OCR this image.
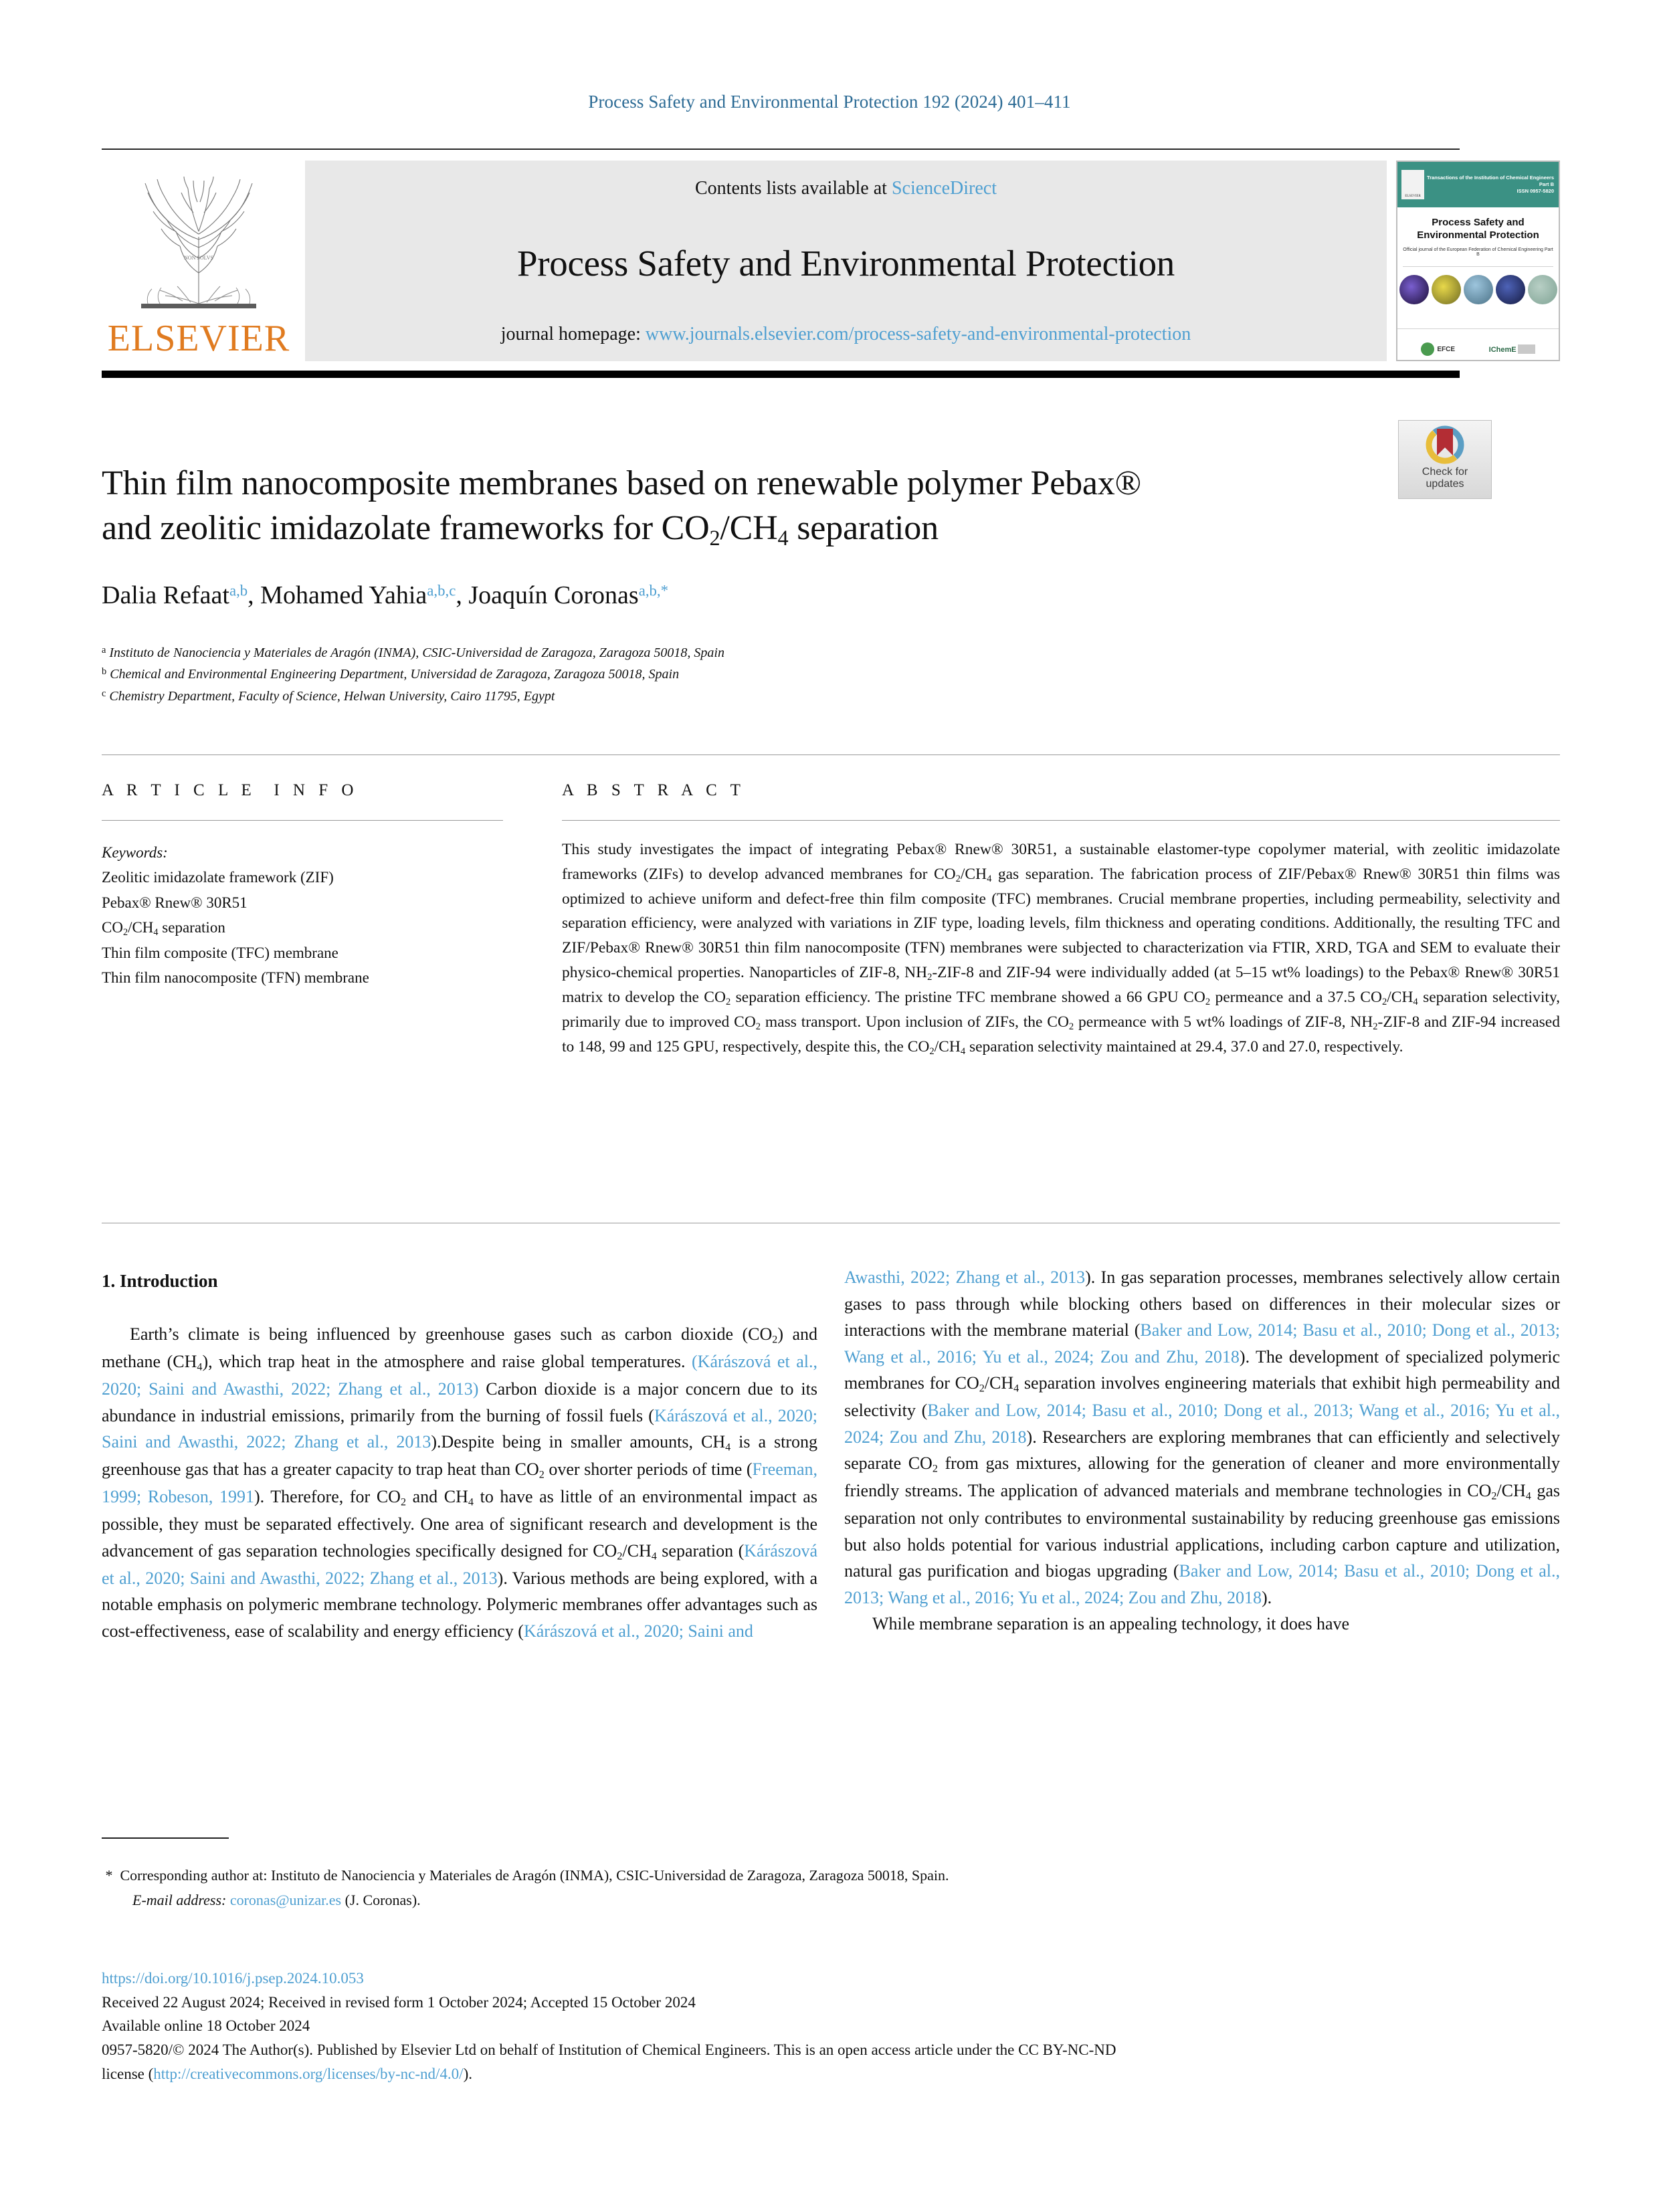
Process Safety and Environmental Protection 192 (2024) 401–411
NON SOLVS
ELSEVIER
Contents lists available at ScienceDirect
Process Safety and Environmental Protection
journal homepage: www.journals.elsevier.com/process-safety-and-environmental-protection
ELSEVIER
Transactions of the Institution of Chemical Engineers Part B
ISSN 0957-5820
Process Safety and
Environmental Protection
Official journal of the European Federation of Chemical Engineering Part B
EFCE	IChemE
Check for
updates
Thin film nanocomposite membranes based on renewable polymer Pebax®
and zeolitic imidazolate frameworks for $CO_2/CH_4$ separation
Dalia Refaat$^{a,b}$, Mohamed Yahia$^{a,b,c}$, Joaquín Coronas$^{a,b,*}$
$^a$ Instituto de Nanociencia y Materiales de Aragón (INMA), CSIC-Universidad de Zaragoza, Zaragoza 50018, Spain
$^b$ Chemical and Environmental Engineering Department, Universidad de Zaragoza, Zaragoza 50018, Spain
$^c$ Chemistry Department, Faculty of Science, Helwan University, Cairo 11795, Egypt
A R T I C L E  I N F O	A B S T R A C T
Keywords:
Zeolitic imidazolate framework (ZIF)
Pebax® Rnew® 30R51
$CO_2/CH_4$ separation
Thin film composite (TFC) membrane
Thin film nanocomposite (TFN) membrane
This study investigates the impact of integrating Pebax® Rnew® 30R51, a sustainable elastomer-type copolymer material, with zeolitic imidazolate frameworks (ZIFs) to develop advanced membranes for $CO_2/CH_4$ gas separation. The fabrication process of ZIF/Pebax® Rnew® 30R51 thin films was optimized to achieve uniform and defect-free thin film composite (TFC) membranes. Crucial membrane properties, including permeability, selectivity and separation efficiency, were analyzed with variations in ZIF type, loading levels, film thickness and operating conditions. Additionally, the resulting TFC and ZIF/Pebax® Rnew® 30R51 thin film nanocomposite (TFN) membranes were subjected to characterization via FTIR, XRD, TGA and SEM to evaluate their physico-chemical properties. Nanoparticles of ZIF-8, $NH_2-ZIF-8$ and ZIF-94 were individually added (at 5–15 wt% loadings) to the Pebax® Rnew® 30R51 matrix to develop the $CO_2$ separation efficiency. The pristine TFC membrane showed a 66 GPU $CO_2$ permeance and a 37.5 $CO_2/CH_4$ separation selectivity, primarily due to improved $CO_2$ mass transport. Upon inclusion of ZIFs, the $CO_2$ permeance with 5 wt% loadings of ZIF-8, $NH_2-ZIF-8$ and ZIF-94 increased to 148, 99 and 125 GPU, respectively, despite this, the $CO_2/CH_4$ separation selectivity maintained at 29.4, 37.0 and 27.0, respectively.
1. Introduction

Earth’s climate is being influenced by greenhouse gases such as carbon dioxide $(CO_2)$ and methane $(CH_4)$, which trap heat in the atmosphere and raise global temperatures. (Kárászová et al., 2020; Saini and Awasthi, 2022; Zhang et al., 2013) Carbon dioxide is a major concern due to its abundance in industrial emissions, primarily from the burning of fossil fuels (Kárászová et al., 2020; Saini and Awasthi, 2022; Zhang et al., 2013).Despite being in smaller amounts, $CH_4$ is a strong greenhouse gas that has a greater capacity to trap heat than $CO_2$ over shorter periods of time (Freeman, 1999; Robeson, 1991). Therefore, for $CO_2$ and $CH_4$ to have as little of an environmental impact as possible, they must be separated effectively. One area of significant research and development is the advancement of gas separation technologies specifically designed for $CO_2/CH_4$ separation (Kárászová et al., 2020; Saini and Awasthi, 2022; Zhang et al., 2013). Various methods are being explored, with a notable emphasis on polymeric membrane technology. Polymeric membranes offer advantages such as cost-effectiveness, ease of scalability and energy efficiency (Kárászová et al., 2020; Saini and

Awasthi, 2022; Zhang et al., 2013). In gas separation processes, membranes selectively allow certain gases to pass through while blocking others based on differences in their molecular sizes or interactions with the membrane material (Baker and Low, 2014; Basu et al., 2010; Dong et al., 2013; Wang et al., 2016; Yu et al., 2024; Zou and Zhu, 2018). The development of specialized polymeric membranes for $CO_2/CH_4$ separation involves engineering materials that exhibit high permeability and selectivity (Baker and Low, 2014; Basu et al., 2010; Dong et al., 2013; Wang et al., 2016; Yu et al., 2024; Zou and Zhu, 2018). Researchers are exploring membranes that can efficiently and selectively separate $CO_2$ from gas mixtures, allowing for the generation of cleaner and more environmentally friendly streams. The application of advanced materials and membrane technologies in $CO_2/CH_4$ gas separation not only contributes to environmental sustainability by reducing greenhouse gas emissions but also holds potential for various industrial applications, including carbon capture and utilization, natural gas purification and biogas upgrading (Baker and Low, 2014; Basu et al., 2010; Dong et al., 2013; Wang et al., 2016; Yu et al., 2024; Zou and Zhu, 2018).

While membrane separation is an appealing technology, it does have

* Corresponding author at: Instituto de Nanociencia y Materiales de Aragón (INMA), CSIC-Universidad de Zaragoza, Zaragoza 50018, Spain.
E-mail address: coronas@unizar.es (J. Coronas).
https://doi.org/10.1016/j.psep.2024.10.053
Received 22 August 2024; Received in revised form 1 October 2024; Accepted 15 October 2024
Available online 18 October 2024
0957-5820/© 2024 The Author(s). Published by Elsevier Ltd on behalf of Institution of Chemical Engineers. This is an open access article under the CC BY-NC-ND
license (http://creativecommons.org/licenses/by-nc-nd/4.0/).
